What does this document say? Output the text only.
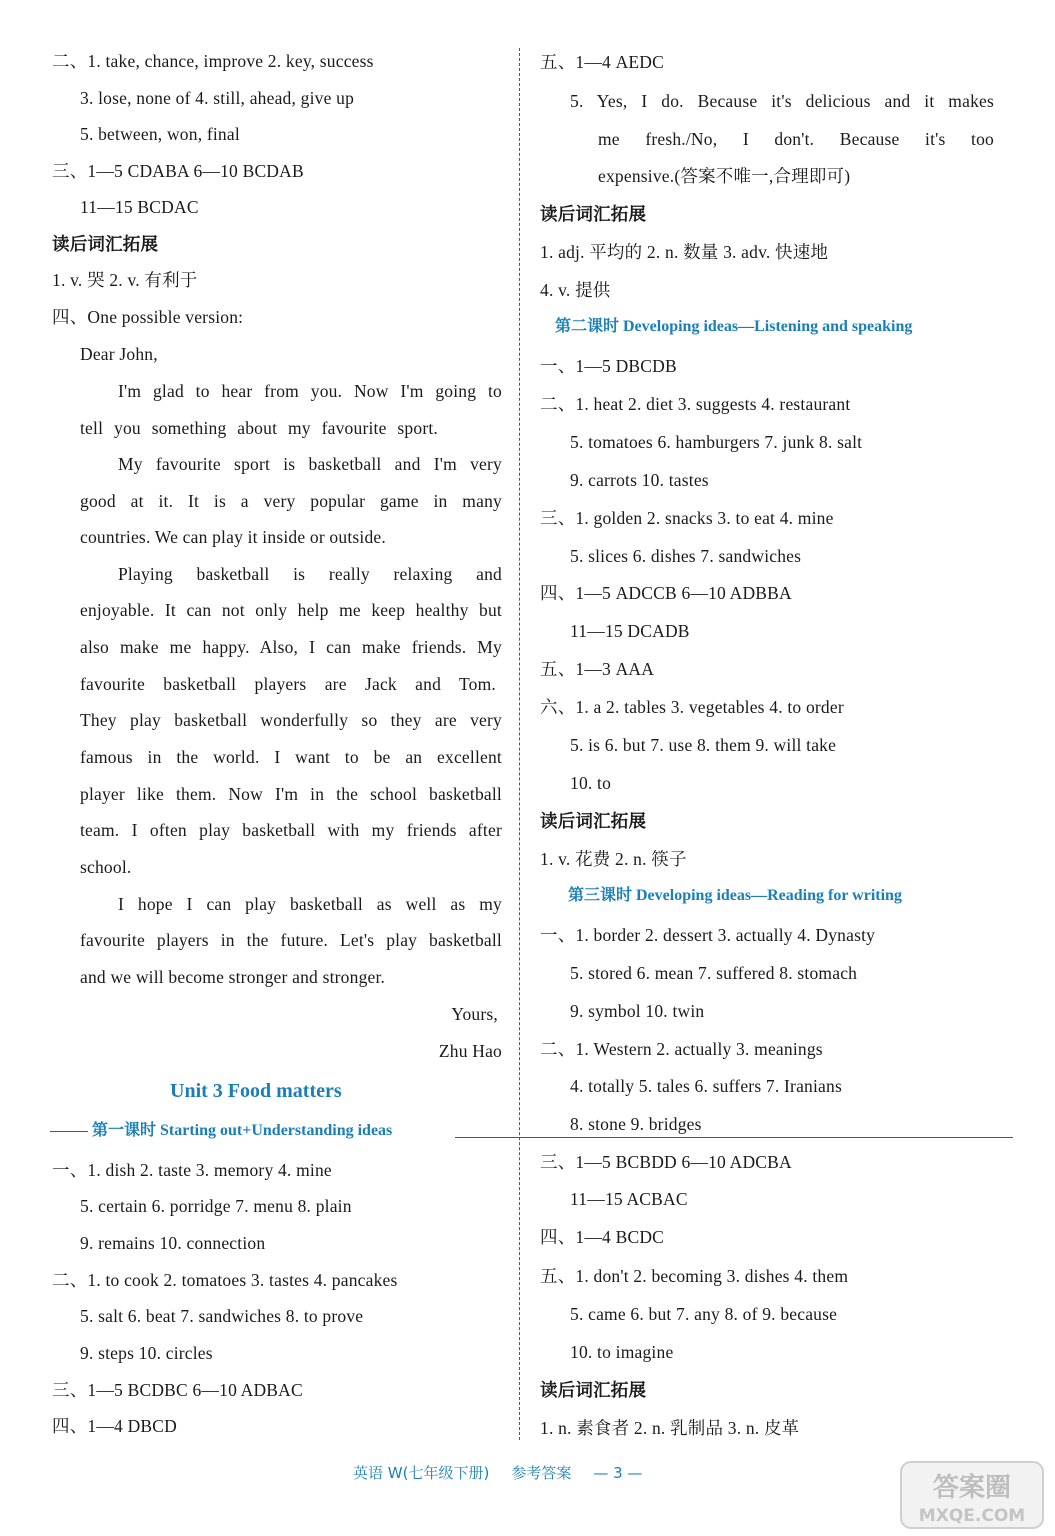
二、1. take, chance, improve 2. key, success
3. lose, none of 4. still, ahead, give up
5. between, won, final
三、1—5 CDABA 6—10 BCDAB
11—15 BCDAC
读后词汇拓展
1. v. 哭 2. v. 有利于
四、One possible version:
Dear John,
I'm glad to hear from you. Now I'm going to
tell you something about my favourite sport.
My favourite sport is basketball and I'm very
good at it. It is a very popular game in many
countries. We can play it inside or outside.
Playing basketball is really relaxing and
enjoyable. It can not only help me keep healthy but
also make me happy. Also, I can make friends. My
favourite basketball players are Jack and Tom.
They play basketball wonderfully so they are very
famous in the world. I want to be an excellent
player like them. Now I'm in the school basketball
team. I often play basketball with my friends after
school.
I hope I can play basketball as well as my
favourite players in the future. Let's play basketball
and we will become stronger and stronger.
Yours,
Zhu Hao
Unit 3 Food matters
第一课时 Starting out+Understanding ideas
一、1. dish 2. taste 3. memory 4. mine
5. certain 6. porridge 7. menu 8. plain
9. remains 10. connection
二、1. to cook 2. tomatoes 3. tastes 4. pancakes
5. salt 6. beat 7. sandwiches 8. to prove
9. steps 10. circles
三、1—5 BCDBC 6—10 ADBAC
四、1—4 DBCD
五、1—4 AEDC
5. Yes, I do. Because it's delicious and it makes
me fresh./No, I don't. Because it's too
expensive.(答案不唯一,合理即可)
读后词汇拓展
1. adj. 平均的 2. n. 数量 3. adv. 快速地
4. v. 提供
第二课时 Developing ideas—Listening and speaking
一、1—5 DBCDB
二、1. heat 2. diet 3. suggests 4. restaurant
5. tomatoes 6. hamburgers 7. junk 8. salt
9. carrots 10. tastes
三、1. golden 2. snacks 3. to eat 4. mine
5. slices 6. dishes 7. sandwiches
四、1—5 ADCCB 6—10 ADBBA
11—15 DCADB
五、1—3 AAA
六、1. a 2. tables 3. vegetables 4. to order
5. is 6. but 7. use 8. them 9. will take
10. to
读后词汇拓展
1. v. 花费 2. n. 筷子
第三课时 Developing ideas—Reading for writing
一、1. border 2. dessert 3. actually 4. Dynasty
5. stored 6. mean 7. suffered 8. stomach
9. symbol 10. twin
二、1. Western 2. actually 3. meanings
4. totally 5. tales 6. suffers 7. Iranians
8. stone 9. bridges
三、1—5 BCBDD 6—10 ADCBA
11—15 ACBAC
四、1—4 BCDC
五、1. don't 2. becoming 3. dishes 4. them
5. came 6. but 7. any 8. of 9. because
10. to imagine
读后词汇拓展
1. n. 素食者 2. n. 乳制品 3. n. 皮革
英语 W(七年级下册) 参考答案 — 3 —	答案圈
MXQE.COM
